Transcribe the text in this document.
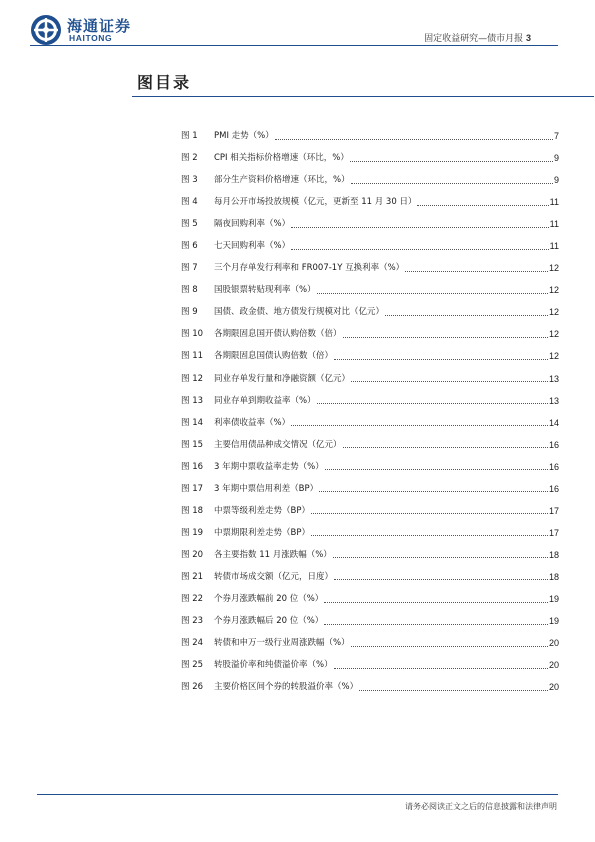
海通证券
HAITONG	固定收益研究—债市月报 3
图目录
图 1	PMI 走势（%）	7
图 2	CPI 相关指标价格增速（环比，%）	9
图 3	部分生产资料价格增速（环比，%）	9
图 4	每月公开市场投放规模（亿元，更新至 11 月 30 日）	11
图 5	隔夜回购利率（%）	11
图 6	七天回购利率（%）	11
图 7	三个月存单发行利率和 FR007-1Y 互换利率（%）	12
图 8	国股银票转贴现利率（%）	12
图 9	国债、政金债、地方债发行规模对比（亿元）	12
图 10	各期限固息国开债认购倍数（倍）	12
图 11	各期限固息国债认购倍数（倍）	12
图 12	同业存单发行量和净融资额（亿元）	13
图 13	同业存单到期收益率（%）	13
图 14	利率债收益率（%）	14
图 15	主要信用债品种成交情况（亿元）	16
图 16	3 年期中票收益率走势（%）	16
图 17	3 年期中票信用利差（BP）	16
图 18	中票等级利差走势（BP）	17
图 19	中票期限利差走势（BP）	17
图 20	各主要指数 11 月涨跌幅（%）	18
图 21	转债市场成交额（亿元，日度）	18
图 22	个券月涨跌幅前 20 位（%）	19
图 23	个券月涨跌幅后 20 位（%）	19
图 24	转债和申万一级行业周涨跌幅（%）	20
图 25	转股溢价率和纯债溢价率（%）	20
图 26	主要价格区间个券的转股溢价率（%）	20
请务必阅读正文之后的信息披露和法律声明
